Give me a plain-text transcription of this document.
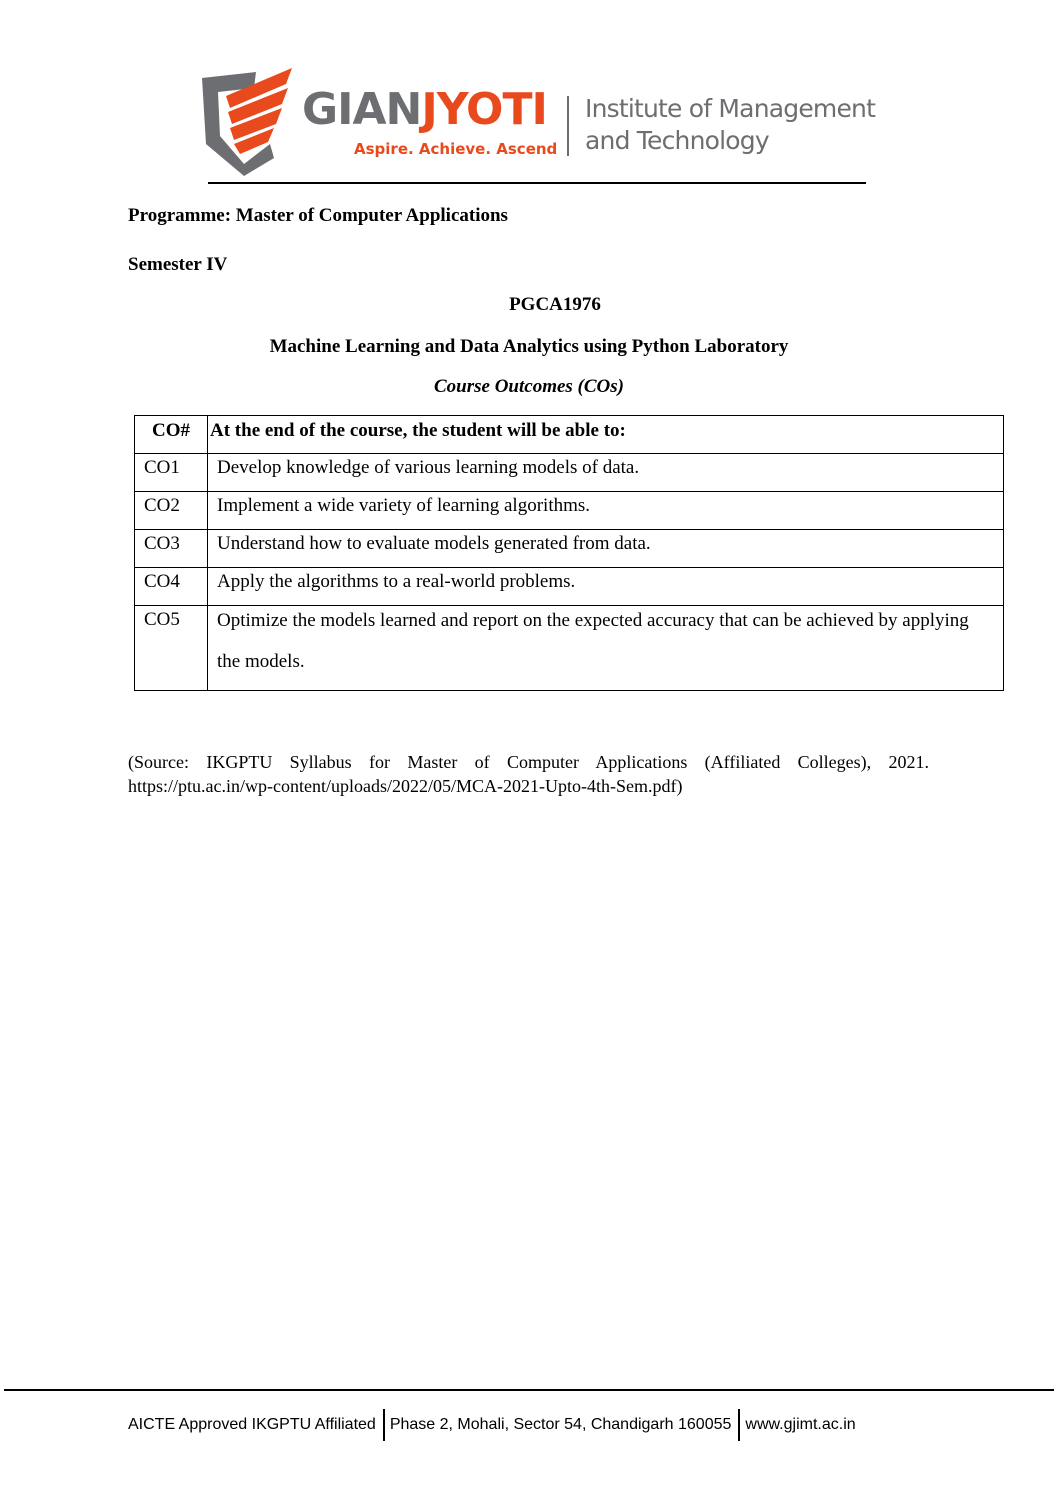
GIANJYOTI
Aspire. Achieve. Ascend
Institute of Management
and Technology
Programme: Master of Computer Applications
Semester IV
PGCA1976
Machine Learning and Data Analytics using Python Laboratory
Course Outcomes (COs)
CO#	At the end of the course, the student will be able to:
CO1	Develop knowledge of various learning models of data.
CO2	Implement a wide variety of learning algorithms.
CO3	Understand how to evaluate models generated from data.
CO4	Apply the algorithms to a real-world problems.
CO5	Optimize the models learned and report on the expected accuracy that can be achieved by applying the models.
(Source: IKGPTU Syllabus for Master of Computer Applications (Affiliated Colleges), 2021.
https://ptu.ac.in/wp-content/uploads/2022/05/MCA-2021-Upto-4th-Sem.pdf)
AICTE Approved IKGPTU Affiliated Phase 2, Mohali, Sector 54, Chandigarh 160055 www.gjimt.ac.in
